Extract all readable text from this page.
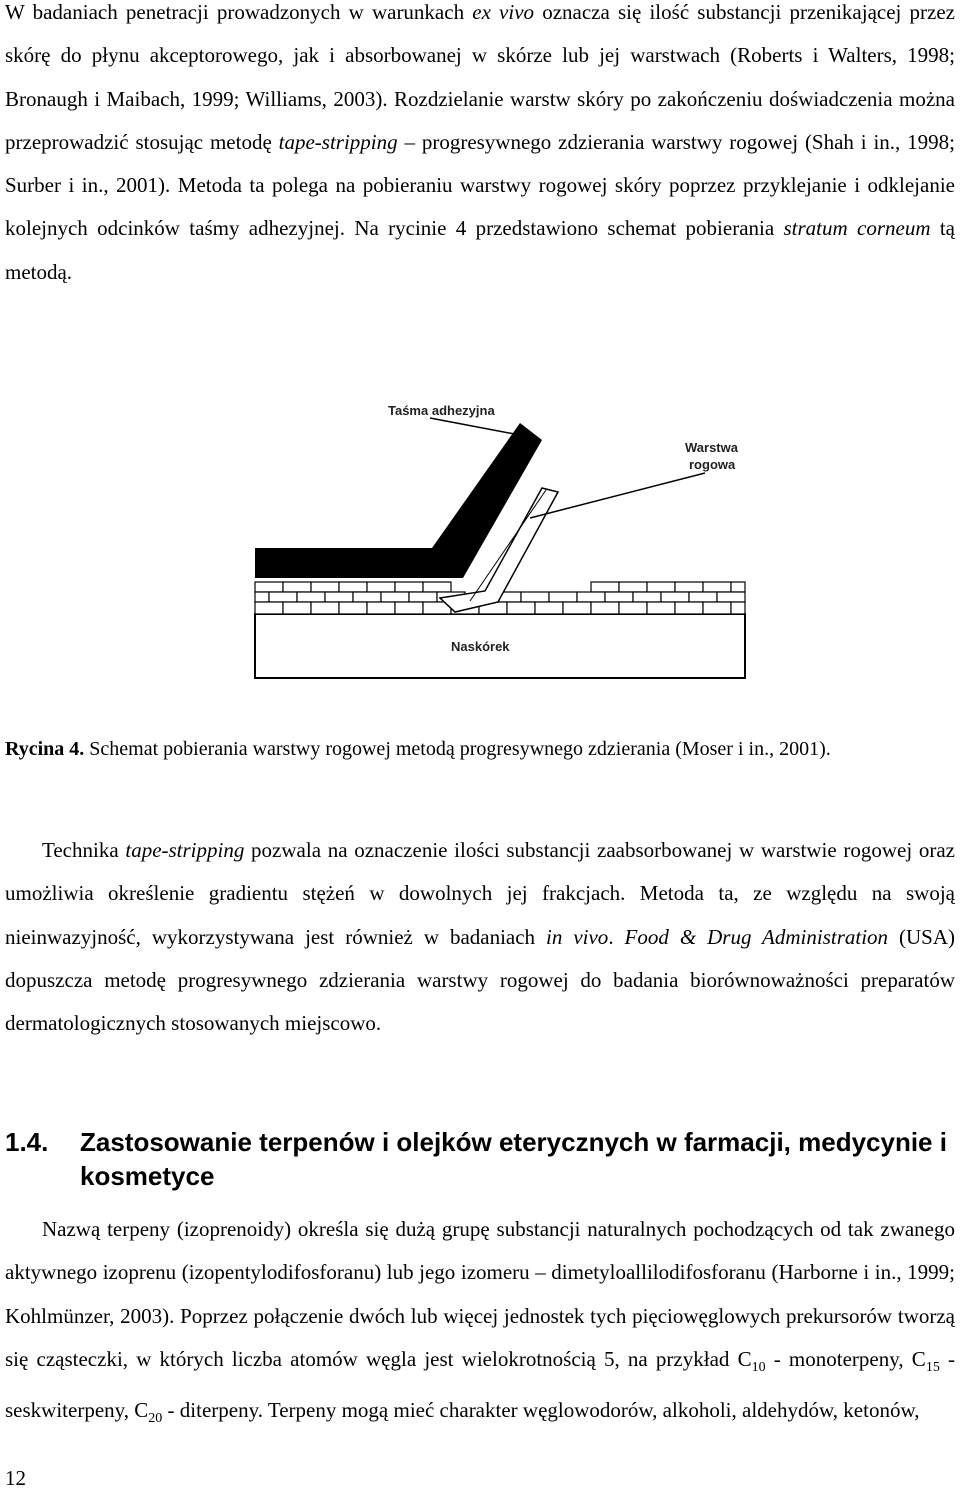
W badaniach penetracji prowadzonych w warunkach ex vivo oznacza się ilość substancji przenikającej przez skórę do płynu akceptorowego, jak i absorbowanej w skórze lub jej warstwach (Roberts i Walters, 1998; Bronaugh i Maibach, 1999; Williams, 2003). Rozdzielanie warstw skóry po zakończeniu doświadczenia można przeprowadzić stosując metodę tape-stripping – progresywnego zdzierania warstwy rogowej (Shah i in., 1998; Surber i in., 2001). Metoda ta polega na pobieraniu warstwy rogowej skóry poprzez przyklejanie i odklejanie kolejnych odcinków taśmy adhezyjnej. Na rycinie 4 przedstawiono schemat pobierania stratum corneum tą metodą.

Taśma adhezyjna
Warstwa
rogowa
Naskórek

Rycina 4. Schemat pobierania warstwy rogowej metodą progresywnego zdzierania (Moser i in., 2001).

Technika tape-stripping pozwala na oznaczenie ilości substancji zaabsorbowanej w warstwie rogowej oraz umożliwia określenie gradientu stężeń w dowolnych jej frakcjach. Metoda ta, ze względu na swoją nieinwazyjność, wykorzystywana jest również w badaniach in vivo. Food & Drug Administration (USA) dopuszcza metodę progresywnego zdzierania warstwy rogowej do badania biorównoważności preparatów dermatologicznych stosowanych miejscowo.

1.4.	Zastosowanie terpenów i olejków eterycznych w farmacji, medycynie i kosmetyce

Nazwą terpeny (izoprenoidy) określa się dużą grupę substancji naturalnych pochodzących od tak zwanego aktywnego izoprenu (izopentylodifosforanu) lub jego izomeru – dimetyloallilodifosforanu (Harborne i in., 1999; Kohlmünzer, 2003). Poprzez połączenie dwóch lub więcej jednostek tych pięciowęglowych prekursorów tworzą się cząsteczki, w których liczba atomów węgla jest wielokrotnością 5, na przykład $C_{10}$ - monoterpeny, $C_{15}$ - seskwiterpeny, $C_{20}$ - diterpeny. Terpeny mogą mieć charakter węglowodorów, alkoholi, aldehydów, ketonów,

12
